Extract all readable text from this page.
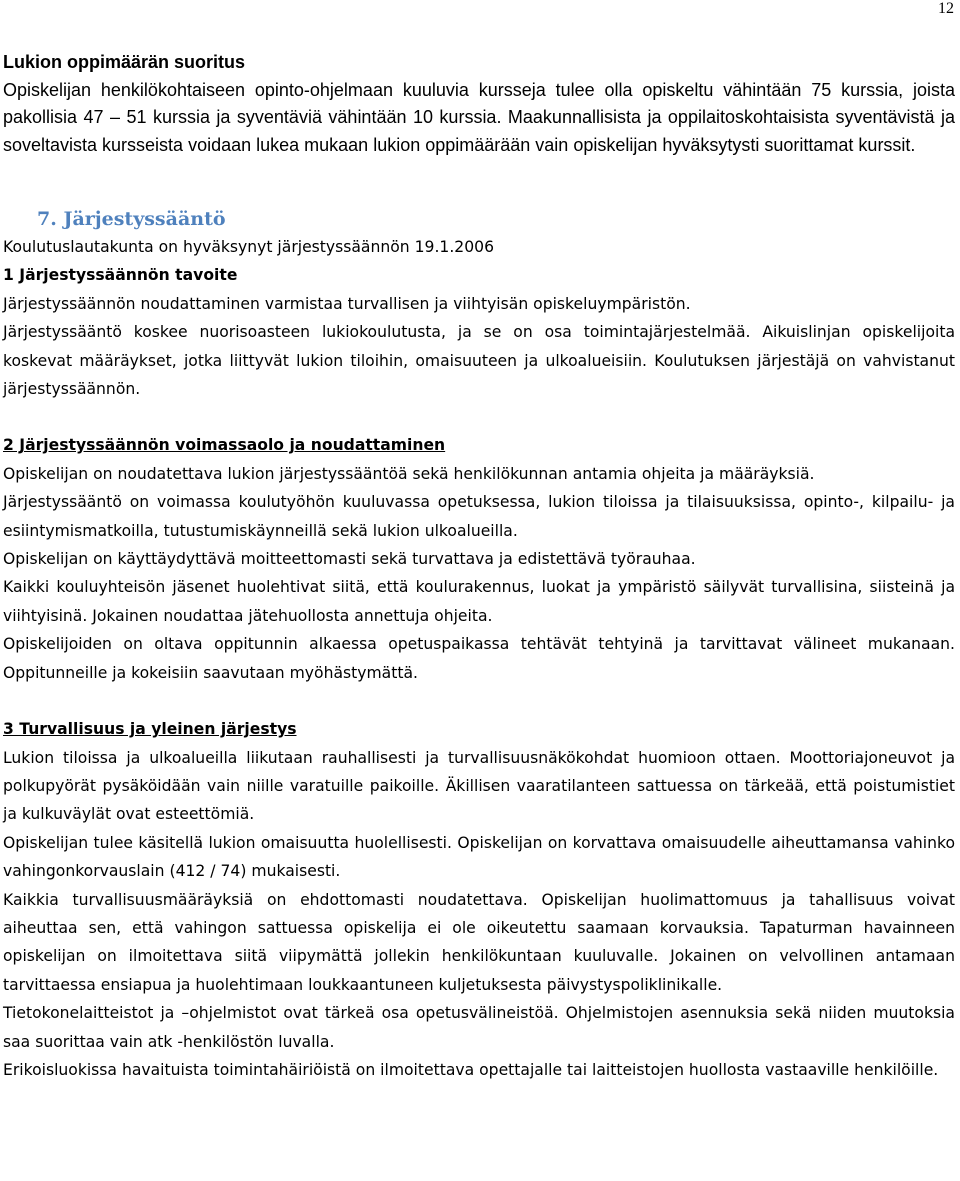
12
Lukion oppimäärän suoritus

Opiskelijan henkilökohtaiseen opinto-ohjelmaan kuuluvia kursseja tulee olla opiskeltu vähintään 75 kurssia, joista pakollisia 47 – 51 kurssia ja syventäviä vähintään 10 kurssia. Maakunnallisista ja oppilaitoskohtaisista syventävistä ja soveltavista kursseista voidaan lukea mukaan lukion oppimäärään vain opiskelijan hyväksytysti suorittamat kurssit.

7. Järjestyssääntö

Koulutuslautakunta on hyväksynyt järjestyssäännön 19.1.2006

1 Järjestyssäännön tavoite

Järjestyssäännön noudattaminen varmistaa turvallisen ja viihtyisän opiskeluympäristön.

Järjestyssääntö koskee nuorisoasteen lukiokoulutusta, ja se on osa toimintajärjestelmää. Aikuislinjan opiskelijoita koskevat määräykset, jotka liittyvät lukion tiloihin, omaisuuteen ja ulkoalueisiin. Koulutuksen järjestäjä on vahvistanut järjestyssäännön.

2 Järjestyssäännön voimassaolo ja noudattaminen

Opiskelijan on noudatettava lukion järjestyssääntöä sekä henkilökunnan antamia ohjeita ja määräyksiä.

Järjestyssääntö on voimassa koulutyöhön kuuluvassa opetuksessa, lukion tiloissa ja tilaisuuksissa, opinto-, kilpailu- ja esiintymismatkoilla, tutustumiskäynneillä sekä lukion ulkoalueilla.

Opiskelijan on käyttäydyttävä moitteettomasti sekä turvattava ja edistettävä työrauhaa.

Kaikki kouluyhteisön jäsenet huolehtivat siitä, että koulurakennus, luokat ja ympäristö säilyvät turvallisina, siisteinä ja viihtyisinä. Jokainen noudattaa jätehuollosta annettuja ohjeita.

Opiskelijoiden on oltava oppitunnin alkaessa opetuspaikassa tehtävät tehtyinä ja tarvittavat välineet mukanaan. Oppitunneille ja kokeisiin saavutaan myöhästymättä.

3 Turvallisuus ja yleinen järjestys

Lukion tiloissa ja ulkoalueilla liikutaan rauhallisesti ja turvallisuusnäkökohdat huomioon ottaen. Moottoriajoneuvot ja polkupyörät pysäköidään vain niille varatuille paikoille. Äkillisen vaaratilanteen sattuessa on tärkeää, että poistumistiet ja kulkuväylät ovat esteettömiä.

Opiskelijan tulee käsitellä lukion omaisuutta huolellisesti. Opiskelijan on korvattava omaisuudelle aiheuttamansa vahinko vahingonkorvauslain (412 / 74) mukaisesti.

Kaikkia turvallisuusmääräyksiä on ehdottomasti noudatettava. Opiskelijan huolimattomuus ja tahallisuus voivat aiheuttaa sen, että vahingon sattuessa opiskelija ei ole oikeutettu saamaan korvauksia. Tapaturman havainneen opiskelijan on ilmoitettava siitä viipymättä jollekin henkilökuntaan kuuluvalle. Jokainen on velvollinen antamaan tarvittaessa ensiapua ja huolehtimaan loukkaantuneen kuljetuksesta päivystyspoliklinikalle.

Tietokonelaitteistot ja –ohjelmistot ovat tärkeä osa opetusvälineistöä. Ohjelmistojen asennuksia sekä niiden muutoksia saa suorittaa vain atk -henkilöstön luvalla.

Erikoisluokissa havaituista toimintahäiriöistä on ilmoitettava opettajalle tai laitteistojen huollosta vastaaville henkilöille.
